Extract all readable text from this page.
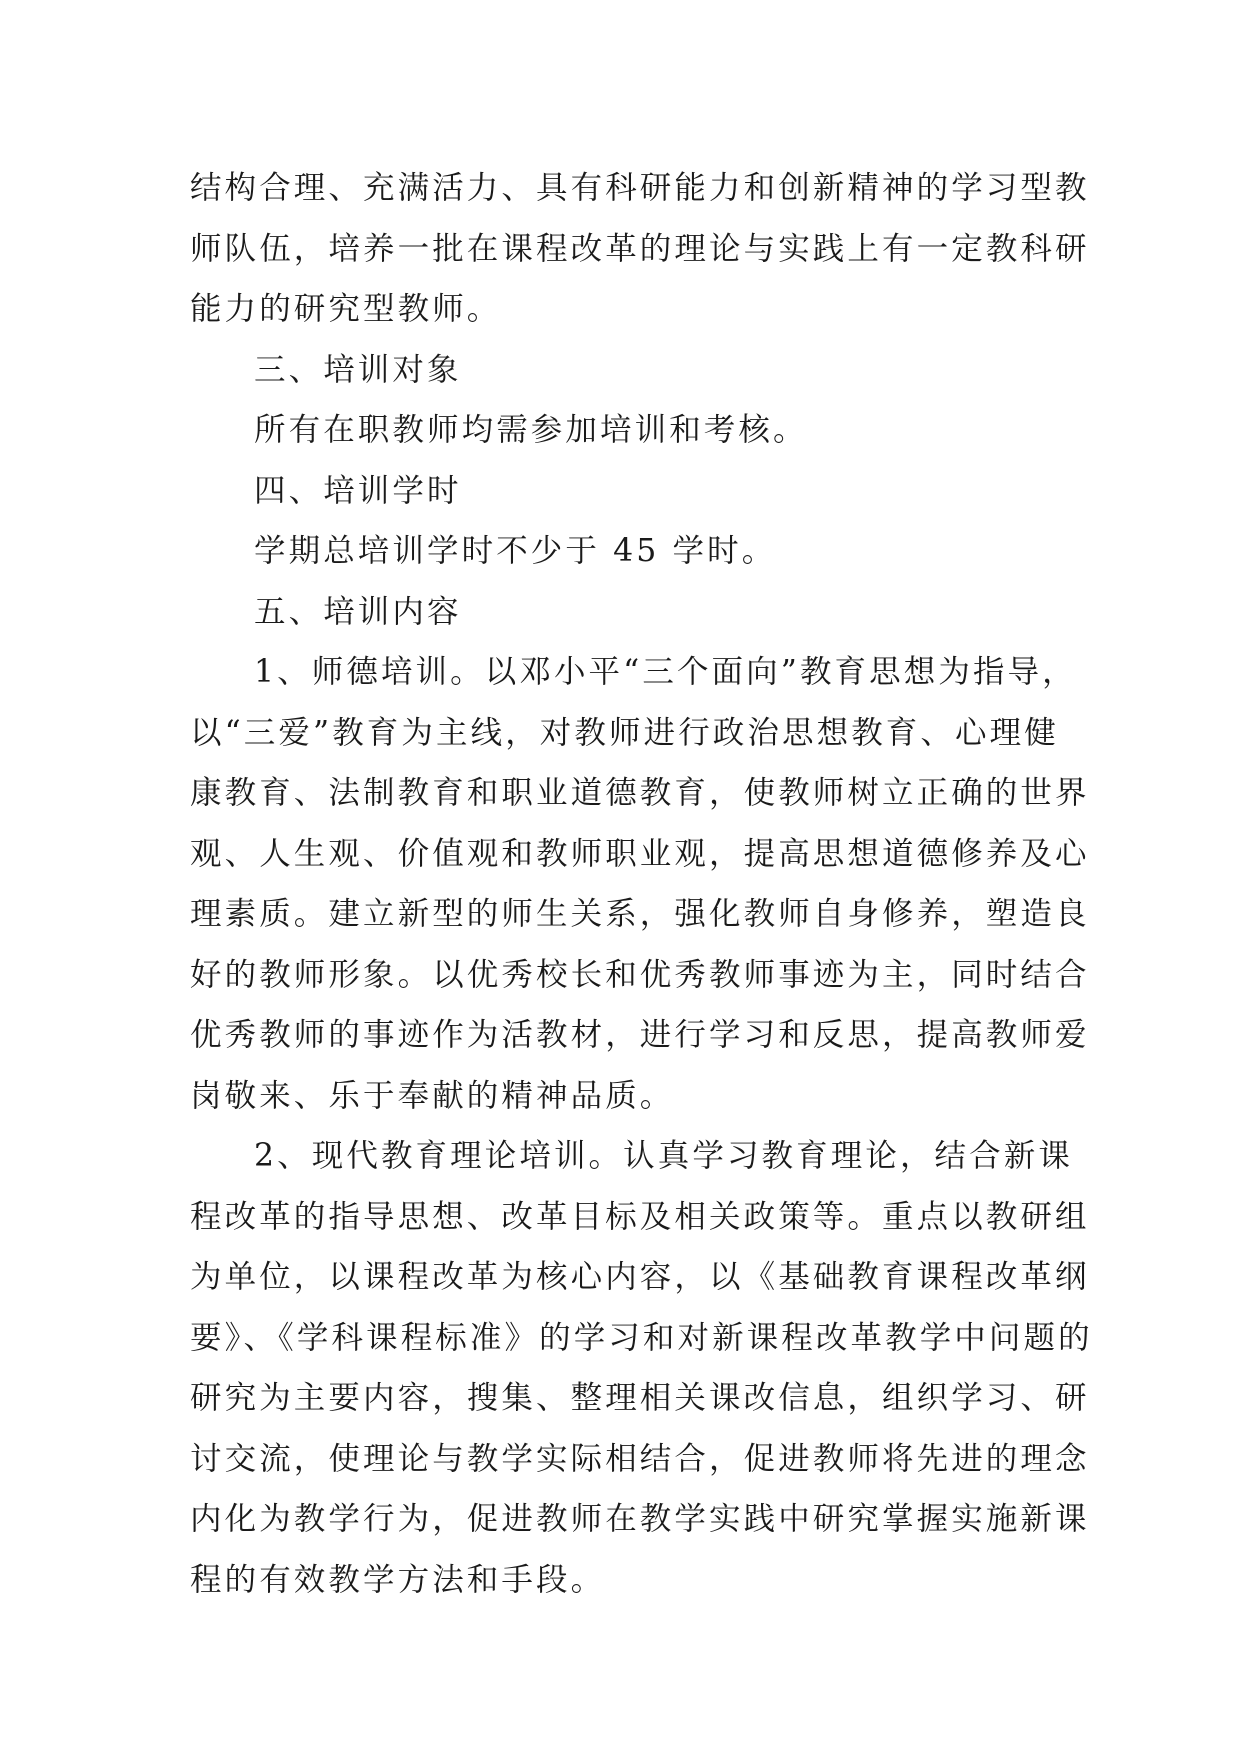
结构合理、充满活力、具有科研能力和创新精神的学习型教
师队伍，培养一批在课程改革的理论与实践上有一定教科研
能力的研究型教师。
三、培训对象
所有在职教师均需参加培训和考核。
四、培训学时
学期总培训学时不少于 45 学时。
五、培训内容
1、师德培训。以邓小平“三个面向”教育思想为指导，
以“三爱”教育为主线，对教师进行政治思想教育、心理健
康教育、法制教育和职业道德教育，使教师树立正确的世界
观、人生观、价值观和教师职业观，提高思想道德修养及心
理素质。建立新型的师生关系，强化教师自身修养，塑造良
好的教师形象。以优秀校长和优秀教师事迹为主，同时结合
优秀教师的事迹作为活教材，进行学习和反思，提高教师爱
岗敬来、乐于奉献的精神品质。
2、现代教育理论培训。认真学习教育理论，结合新课
程改革的指导思想、改革目标及相关政策等。重点以教研组
为单位，以课程改革为核心内容，以《基础教育课程改革纲
要》、《学科课程标准》的学习和对新课程改革教学中问题的
研究为主要内容，搜集、整理相关课改信息，组织学习、研
讨交流，使理论与教学实际相结合，促进教师将先进的理念
内化为教学行为，促进教师在教学实践中研究掌握实施新课
程的有效教学方法和手段。
